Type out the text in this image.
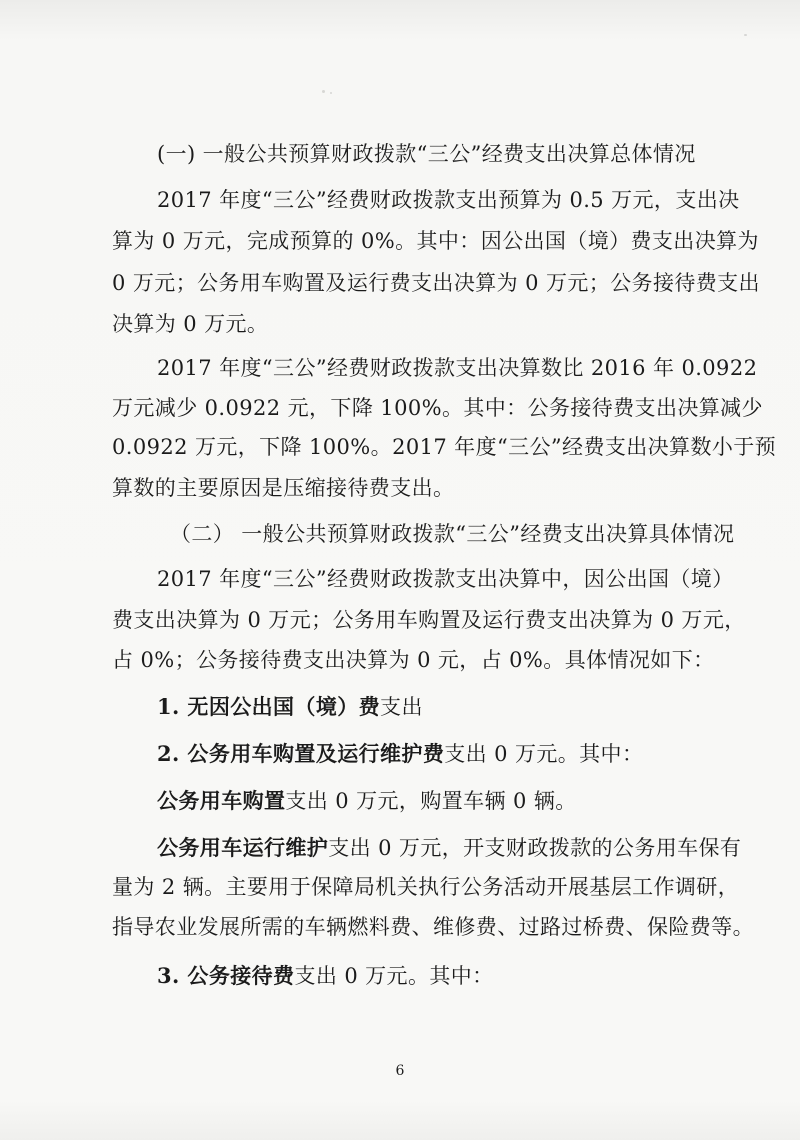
(一) 一般公共预算财政拨款“三公”经费支出决算总体情况
2017 年度“三公”经费财政拨款支出预算为 0.5 万元，支出决
算为 0 万元，完成预算的 0%。其中：因公出国（境）费支出决算为
0 万元；公务用车购置及运行费支出决算为 0 万元；公务接待费支出
决算为 0 万元。
2017 年度“三公”经费财政拨款支出决算数比 2016 年 0.0922
万元减少 0.0922 元，下降 100%。其中：公务接待费支出决算减少
0.0922 万元，下降 100%。2017 年度“三公”经费支出决算数小于预
算数的主要原因是压缩接待费支出。
（二） 一般公共预算财政拨款“三公”经费支出决算具体情况
2017 年度“三公”经费财政拨款支出决算中，因公出国（境）
费支出决算为 0 万元；公务用车购置及运行费支出决算为 0 万元，
占 0%；公务接待费支出决算为 0 元，占 0%。具体情况如下：
1. 无因公出国（境）费支出
2. 公务用车购置及运行维护费支出 0 万元。其中：
公务用车购置支出 0 万元，购置车辆 0 辆。
公务用车运行维护支出 0 万元，开支财政拨款的公务用车保有
量为 2 辆。主要用于保障局机关执行公务活动开展基层工作调研，
指导农业发展所需的车辆燃料费、维修费、过路过桥费、保险费等。
3. 公务接待费支出 0 万元。其中：
6
